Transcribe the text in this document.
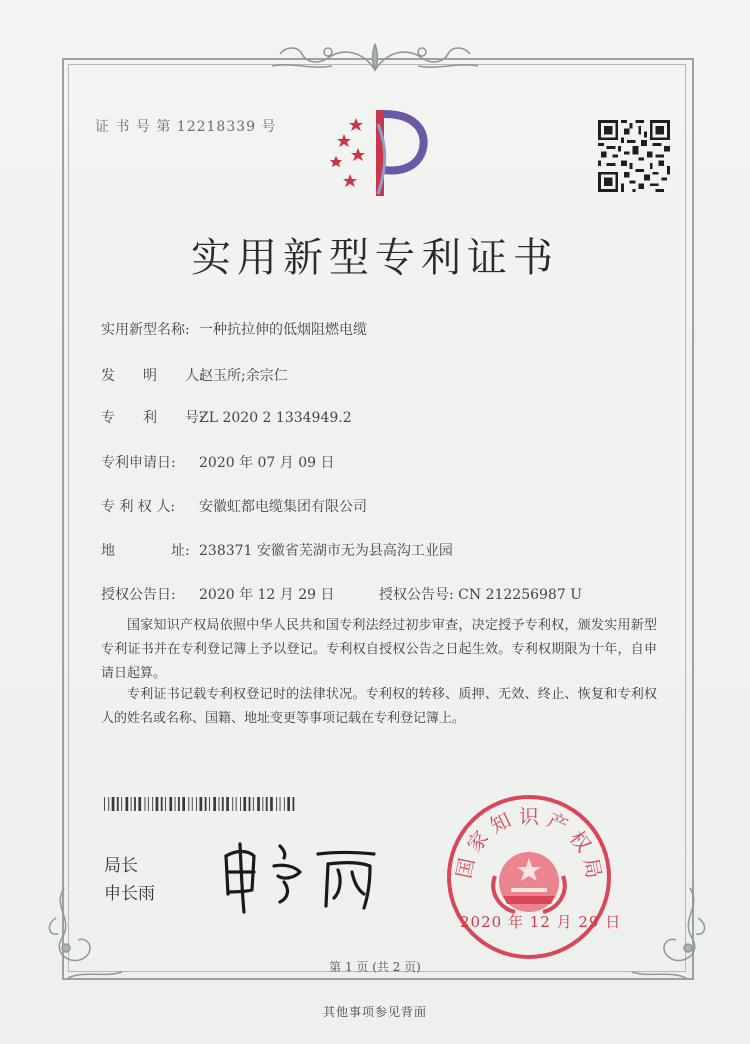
证 书 号 第 12218339 号
实用新型专利证书
实用新型名称: 一种抗拉伸的低烟阻燃电缆
发　　明　　人:赵玉所;余宗仁
专　　利　　号:ZL 2020 2 1334949.2
专利申请日: 2020 年 07 月 09 日
专 利 权 人: 安徽虹都电缆集团有限公司
地　　　　址: 238371 安徽省芜湖市无为县高沟工业园
授权公告日: 2020 年 12 月 29 日	授权公告号: CN 212256987 U
国家知识产权局依照中华人民共和国专利法经过初步审查，决定授予专利权，颁发实用新型专利证书并在专利登记簿上予以登记。专利权自授权公告之日起生效。专利权期限为十年，自申请日起算。
专利证书记载专利权登记时的法律状况。专利权的转移、质押、无效、终止、恢复和专利权人的姓名或名称、国籍、地址变更等事项记载在专利登记簿上。
局长
申长雨
国 家 知 识 产 权 局
2020 年 12 月 29 日
第 1 页 (共 2 页)
其他事项参见背面
